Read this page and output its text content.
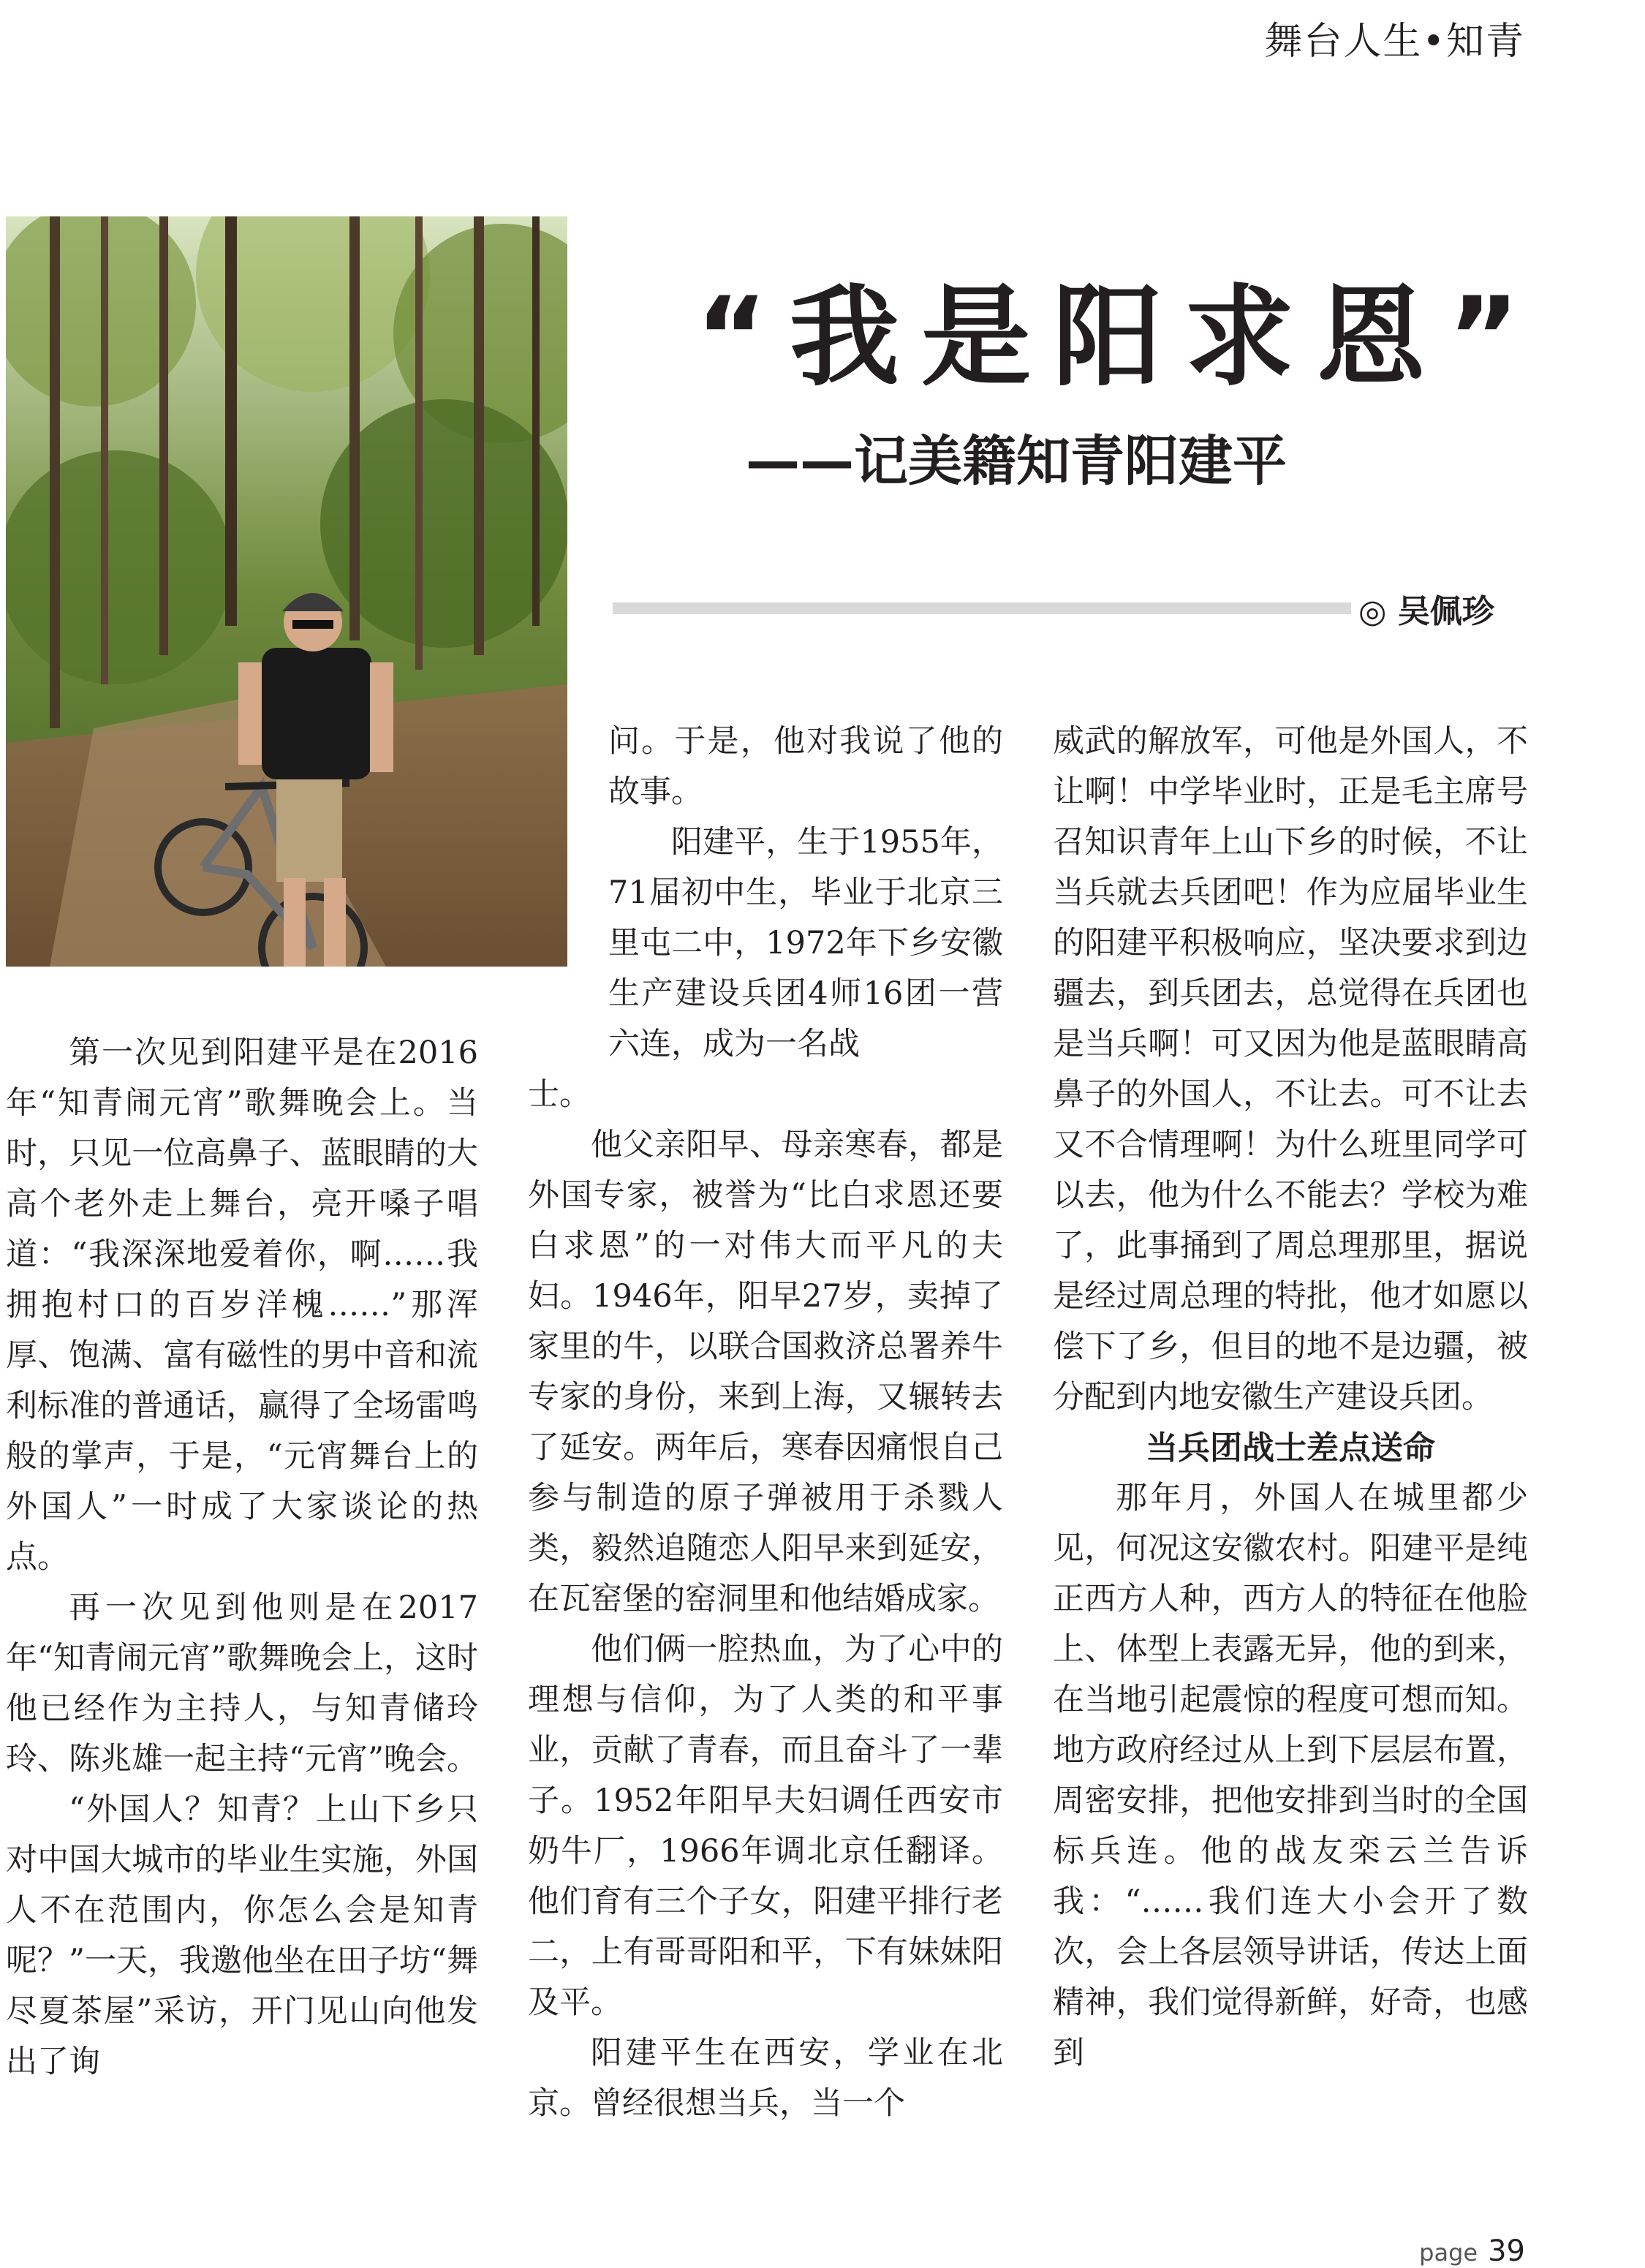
舞台人生•知青
“我是阳求恩”
——记美籍知青阳建平
◎ 吴佩珍

第一次见到阳建平是在2016年“知青闹元宵”歌舞晚会上。当时，只见一位高鼻子、蓝眼睛的大高个老外走上舞台，亮开嗓子唱道：“我深深地爱着你，啊……我拥抱村口的百岁洋槐……”那浑厚、饱满、富有磁性的男中音和流利标准的普通话，赢得了全场雷鸣般的掌声，于是，“元宵舞台上的外国人”一时成了大家谈论的热点。

再一次见到他则是在2017年“知青闹元宵”歌舞晚会上，这时他已经作为主持人，与知青储玲玲、陈兆雄一起主持“元宵”晚会。

“外国人？知青？上山下乡只对中国大城市的毕业生实施，外国人不在范围内，你怎么会是知青呢？”一天，我邀他坐在田子坊“舞尽夏茶屋”采访，开门见山向他发出了询

问。于是，他对我说了他的故事。

阳建平，生于1955年，71届初中生，毕业于北京三里屯二中，1972年下乡安徽生产建设兵团4师16团一营六连，成为一名战

士。

他父亲阳早、母亲寒春，都是外国专家，被誉为“比白求恩还要白求恩”的一对伟大而平凡的夫妇。1946年，阳早27岁，卖掉了家里的牛，以联合国救济总署养牛专家的身份，来到上海，又辗转去了延安。两年后，寒春因痛恨自己参与制造的原子弹被用于杀戮人类，毅然追随恋人阳早来到延安，在瓦窑堡的窑洞里和他结婚成家。

他们俩一腔热血，为了心中的理想与信仰，为了人类的和平事业，贡献了青春，而且奋斗了一辈子。1952年阳早夫妇调任西安市奶牛厂，1966年调北京任翻译。他们育有三个子女，阳建平排行老二，上有哥哥阳和平，下有妹妹阳及平。

阳建平生在西安，学业在北京。曾经很想当兵，当一个

威武的解放军，可他是外国人，不让啊！中学毕业时，正是毛主席号召知识青年上山下乡的时候，不让当兵就去兵团吧！作为应届毕业生的阳建平积极响应，坚决要求到边疆去，到兵团去，总觉得在兵团也是当兵啊！可又因为他是蓝眼睛高鼻子的外国人，不让去。可不让去又不合情理啊！为什么班里同学可以去，他为什么不能去？学校为难了，此事捅到了周总理那里，据说是经过周总理的特批，他才如愿以偿下了乡，但目的地不是边疆，被分配到内地安徽生产建设兵团。

当兵团战士差点送命

那年月，外国人在城里都少见，何况这安徽农村。阳建平是纯正西方人种，西方人的特征在他脸上、体型上表露无异，他的到来，在当地引起震惊的程度可想而知。地方政府经过从上到下层层布置，周密安排，把他安排到当时的全国标兵连。他的战友栾云兰告诉我：“……我们连大小会开了数次，会上各层领导讲话，传达上面精神，我们觉得新鲜，好奇，也感到

page 39
